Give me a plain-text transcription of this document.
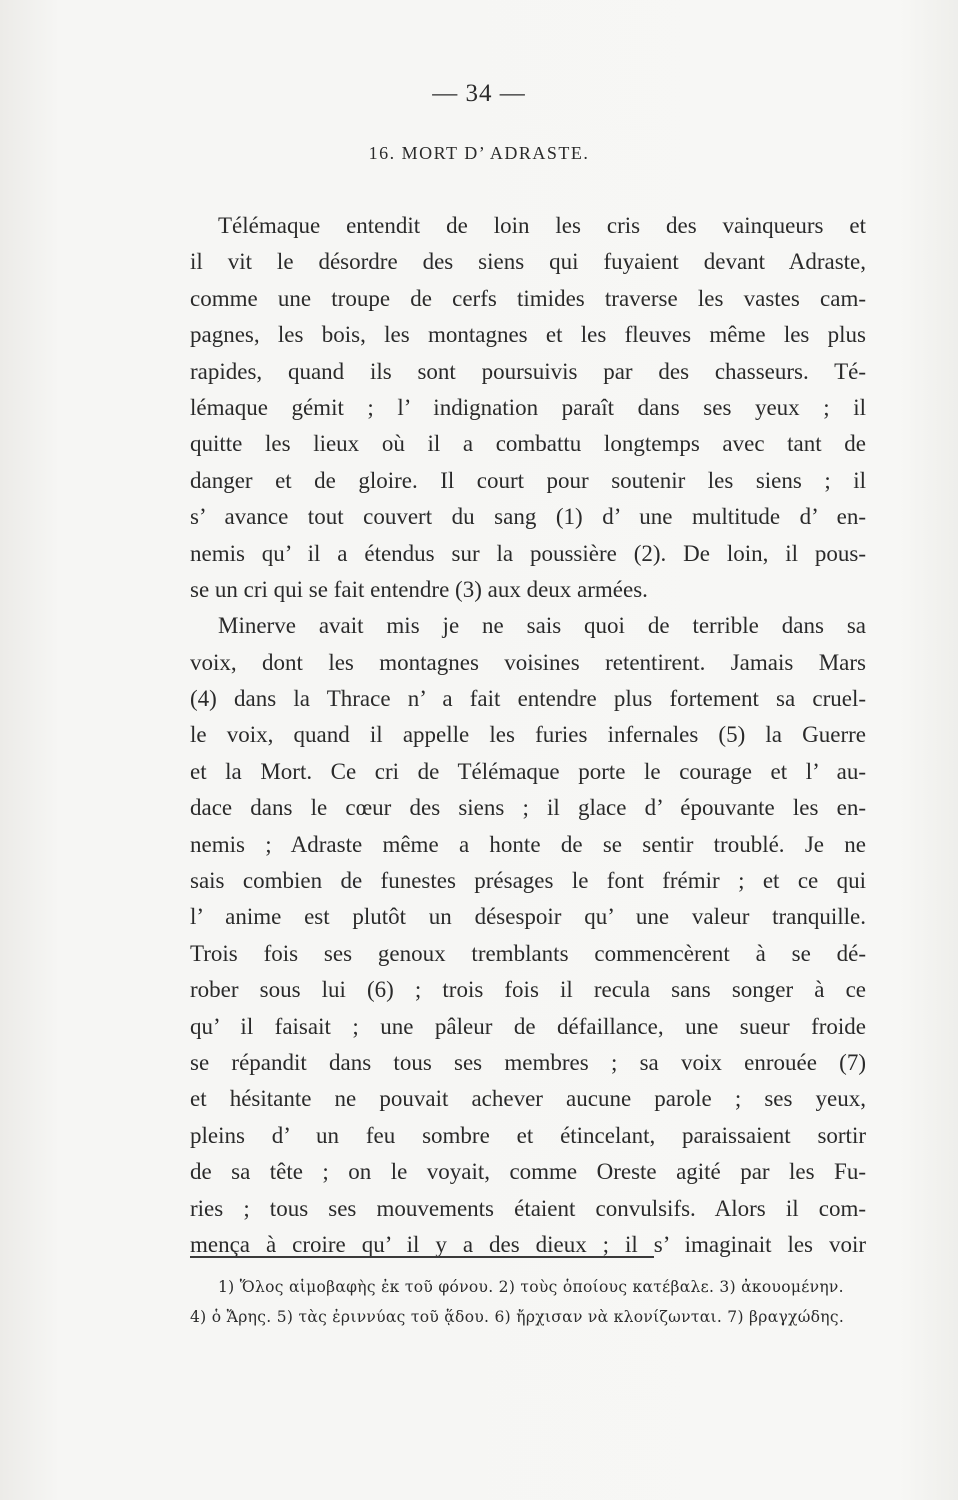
— 34 —
16. MORT D’ ADRASTE.
Télémaque entendit de loin les cris des vainqueurs et
il vit le désordre des siens qui fuyaient devant Adraste,
comme une troupe de cerfs timides traverse les vastes cam-
pagnes, les bois, les montagnes et les fleuves même les plus
rapides, quand ils sont poursuivis par des chasseurs. Té-
lémaque gémit ; l’ indignation paraît dans ses yeux ; il
quitte les lieux où il a combattu longtemps avec tant de
danger et de gloire. Il court pour soutenir les siens ; il
s’ avance tout couvert du sang (1) d’ une multitude d’ en-
nemis qu’ il a étendus sur la poussière (2). De loin, il pous-
se un cri qui se fait entendre (3) aux deux armées.
Minerve avait mis je ne sais quoi de terrible dans sa
voix, dont les montagnes voisines retentirent. Jamais Mars
(4) dans la Thrace n’ a fait entendre plus fortement sa cruel-
le voix, quand il appelle les furies infernales (5) la Guerre
et la Mort. Ce cri de Télémaque porte le courage et l’ au-
dace dans le cœur des siens ; il glace d’ épouvante les en-
nemis ; Adraste même a honte de se sentir troublé. Je ne
sais combien de funestes présages le font frémir ; et ce qui
l’ anime est plutôt un désespoir qu’ une valeur tranquille.
Trois fois ses genoux tremblants commencèrent à se dé-
rober sous lui (6) ; trois fois il recula sans songer à ce
qu’ il faisait ; une pâleur de défaillance, une sueur froide
se répandit dans tous ses membres ; sa voix enrouée (7)
et hésitante ne pouvait achever aucune parole ; ses yeux,
pleins d’ un feu sombre et étincelant, paraissaient sortir
de sa tête ; on le voyait, comme Oreste agité par les Fu-
ries ; tous ses mouvements étaient convulsifs. Alors il com-
mença à croire qu’ il y a des dieux ; il s’ imaginait les voir
1) Ὅλος αἱμοβαφὴς ἐκ τοῦ φόνου. 2) τοὺς ὁποίους κατέβαλε. 3) ἀκουομένην.
4) ὁ Ἄρης. 5) τὰς ἐριννύας τοῦ ᾅδου. 6) ἤρχισαν νὰ κλονίζωνται. 7) βραγχώδης.
